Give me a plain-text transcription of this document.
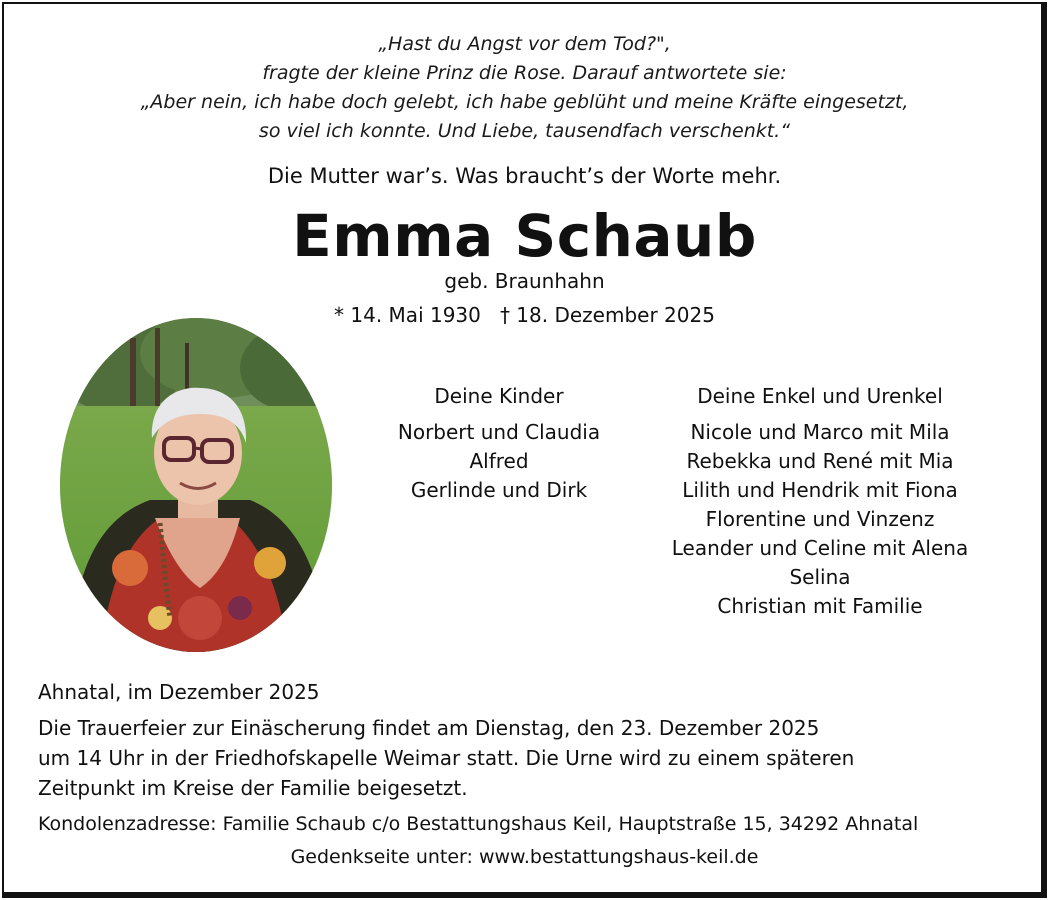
„Hast du Angst vor dem Tod?",
fragte der kleine Prinz die Rose. Darauf antwortete sie:
„Aber nein, ich habe doch gelebt, ich habe geblüht und meine Kräfte eingesetzt,
so viel ich konnte. Und Liebe, tausendfach verschenkt.“
Die Mutter war’s. Was braucht’s der Worte mehr.
Emma Schaub
geb. Braunhahn
* 14. Mai 1930   † 18. Dezember 2025
Deine Kinder
Norbert und Claudia
Alfred
Gerlinde und Dirk
Deine Enkel und Urenkel
Nicole und Marco mit Mila
Rebekka und René mit Mia
Lilith und Hendrik mit Fiona
Florentine und Vinzenz
Leander und Celine mit Alena
Selina
Christian mit Familie
Ahnatal, im Dezember 2025
Die Trauerfeier zur Einäscherung findet am Dienstag, den 23. Dezember 2025
um 14 Uhr in der Friedhofskapelle Weimar statt. Die Urne wird zu einem späteren
Zeitpunkt im Kreise der Familie beigesetzt.
Kondolenzadresse: Familie Schaub c/o Bestattungshaus Keil, Hauptstraße 15, 34292 Ahnatal
Gedenkseite unter: www.bestattungshaus-keil.de
